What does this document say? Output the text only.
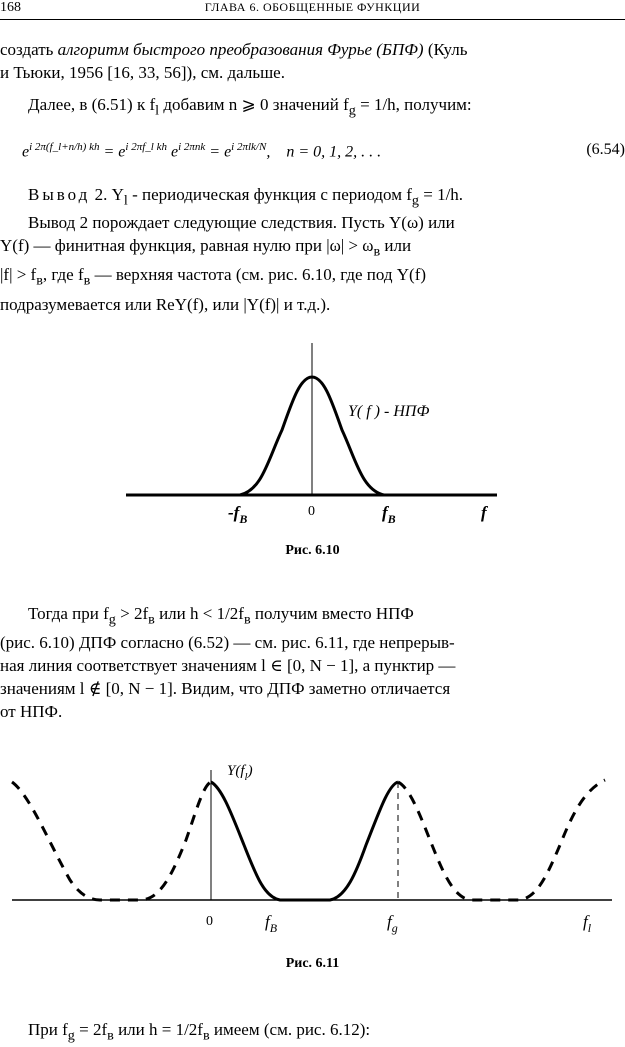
168	ГЛАВА 6. ОБОБЩЕННЫЕ ФУНКЦИИ
создать алгоритм быстрого преобразования Фурье (БПФ) (Куль
и Тьюки, 1956 [16, 33, 56]), см. дальше.
Далее, в (6.51) к $f_l$ добавим n ⩾ 0 значений $f_g = 1/h$, получим:
$e^{i 2\pi(f\_l+n/h) kh} = e^{i 2\pi f\_l kh}$ $e^{i 2\pi nk} = e^{i 2\pi lk/N}$,    n = 0, 1, 2, . . .	(6.54)
Вывод 2. $Y_l$ - периодическая функция с периодом $f_g = 1/h$.
Вывод 2 порождает следующие следствия. Пусть Y(ω) или
Y(f) — финитная функция, равная нулю при $|\omega| > \omega_в$ или
$|f| > f_в$, где $f_в$ — верхняя частота (см. рис. 6.10, где под Y(f)
подразумевается или ReY(f), или |Y(f)| и т.д.).
Y( f ) - НПФ
$-f_В$	0	$f_В$	f
Рис. 6.10
Тогда при $f_g > 2f_в$ или $h < 1/2f_в$ получим вместо НПФ
(рис. 6.10) ДПФ согласно (6.52) — см. рис. 6.11, где непрерыв-
ная линия соответствует значениям l ∈ [0, N − 1], а пунктир —
значениям l ∉ [0, N − 1]. Видим, что ДПФ заметно отличается
от НПФ.
$Y(f_l)$
0	$f_В$	$f_g$	$f_l$
Рис. 6.11
При $f_g = 2f_в$ или $h = 1/2f_в$ имеем (см. рис. 6.12):
